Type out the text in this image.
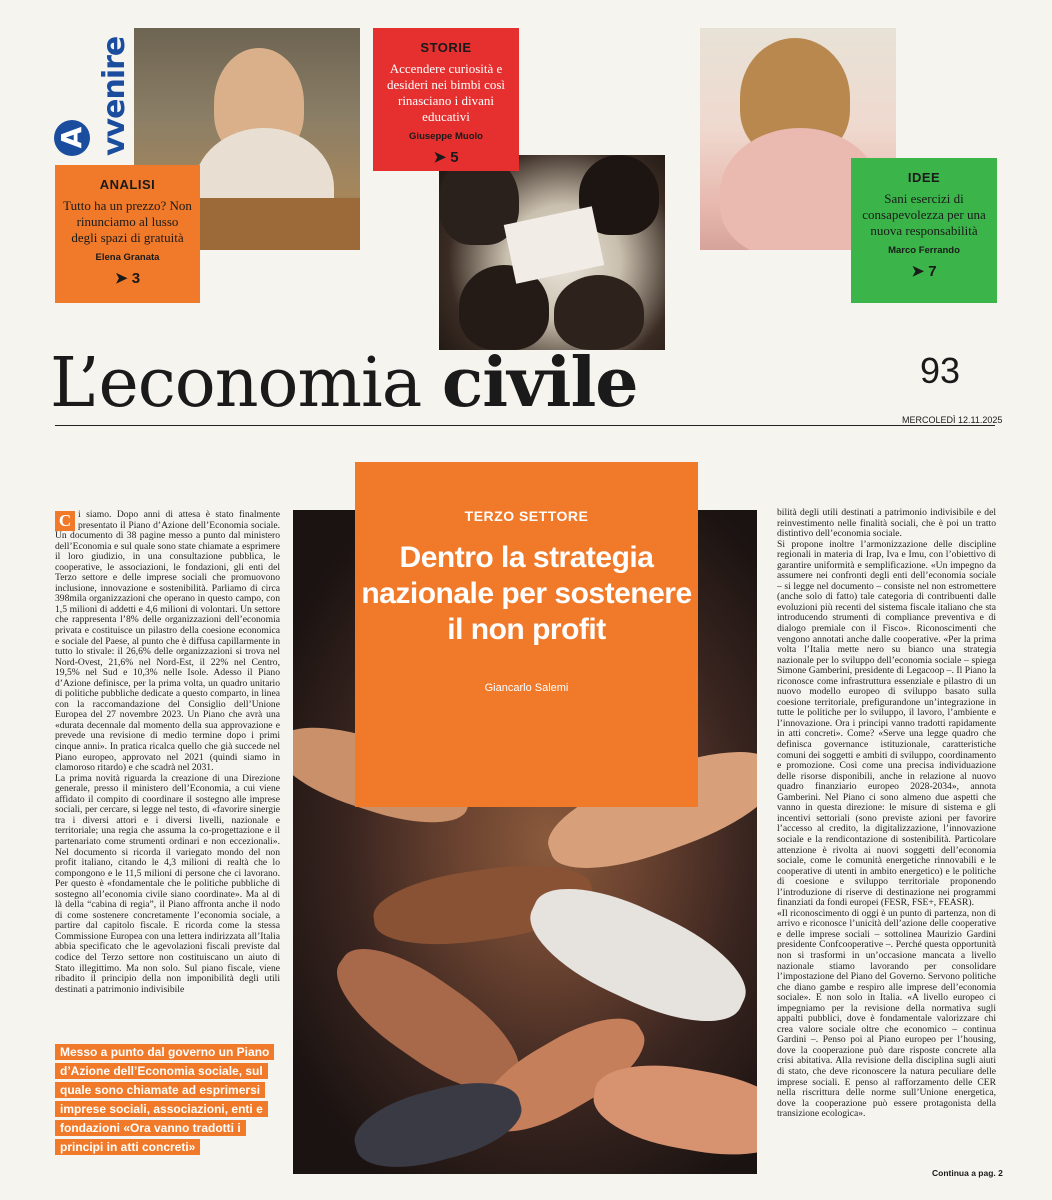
A vvenire
ANALISI
Tutto ha un prezzo? Non rinunciamo al lusso degli spazi di gratuità
Elena Granata
➤ 3
STORIE
Accendere curiosità e desideri nei bimbi così rinasciano i divani educativi
Giuseppe Muolo
➤ 5
IDEE
Sani esercizi di consapevolezza per una nuova responsabilità
Marco Ferrando
➤ 7
L’economia civile	93
MERCOLEDÌ 12.11.2025
TERZO SETTORE
Dentro la strategia nazionale per sostenere il non profit
Giancarlo Salemi
C i siamo. Dopo anni di attesa è stato finalmente presentato il Piano d’Azione dell’Economia sociale. Un documento di 38 pagine messo a punto dal ministero dell’Economia e sul quale sono state chiamate a esprimere il loro giudizio, in una consultazione pubblica, le cooperative, le associazioni, le fondazioni, gli enti del Terzo settore e delle imprese sociali che promuovono inclusione, innovazione e sostenibilità. Parliamo di circa 398mila organizzazioni che operano in questo campo, con 1,5 milioni di addetti e 4,6 milioni di volontari. Un settore che rappresenta l’8% delle organizzazioni dell’economia privata e costituisce un pilastro della coesione economica e sociale del Paese, al punto che è diffusa capillarmente in tutto lo stivale: il 26,6% delle organizzazioni si trova nel Nord-Ovest, 21,6% nel Nord-Est, il 22% nel Centro, 19,5% nel Sud e 10,3% nelle Isole. Adesso il Piano d’Azione definisce, per la prima volta, un quadro unitario di politiche pubbliche dedicate a questo comparto, in linea con la raccomandazione del Consiglio dell’Unione Europea del 27 novembre 2023. Un Piano che avrà una «durata decennale dal momento della sua approvazione e prevede una revisione di medio termine dopo i primi cinque anni». In pratica ricalca quello che già succede nel Piano europeo, approvato nel 2021 (quindi siamo in clamoroso ritardo) e che scadrà nel 2031.

La prima novità riguarda la creazione di una Direzione generale, presso il ministero dell’Economia, a cui viene affidato il compito di coordinare il sostegno alle imprese sociali, per cercare, si legge nel testo, di «favorire sinergie tra i diversi attori e i diversi livelli, nazionale e territoriale; una regia che assuma la co-progettazione e il partenariato come strumenti ordinari e non eccezionali». Nel documento si ricorda il variegato mondo del non profit italiano, citando le 4,3 milioni di realtà che lo compongono e le 11,5 milioni di persone che ci lavorano. Per questo è «fondamentale che le politiche pubbliche di sostegno all’economia civile siano coordinate». Ma al di là della “cabina di regia”, il Piano affronta anche il nodo di come sostenere concretamente l’economia sociale, a partire dal capitolo fiscale. E ricorda come la stessa Commissione Europea con una lettera indirizzata all’Italia abbia specificato che le agevolazioni fiscali previste dal codice del Terzo settore non costituiscano un aiuto di Stato illegittimo. Ma non solo. Sul piano fiscale, viene ribadito il principio della non imponibilità degli utili destinati a patrimonio indivisibile

Messo a punto dal governo un Piano d’Azione dell’Economia sociale, sul quale sono chiamate ad esprimersi imprese sociali, associazioni, enti e fondazioni «Ora vanno tradotti i principi in atti concreti»

bilità degli utili destinati a patrimonio indivisibile e del reinvestimento nelle finalità sociali, che è poi un tratto distintivo dell’economia sociale.

Si propone inoltre l’armonizzazione delle discipline regionali in materia di Irap, Iva e Imu, con l’obiettivo di garantire uniformità e semplificazione. «Un impegno da assumere nei confronti degli enti dell’economia sociale – si legge nel documento – consiste nel non estromettere (anche solo di fatto) tale categoria di contribuenti dalle evoluzioni più recenti del sistema fiscale italiano che sta introducendo strumenti di compliance preventiva e di dialogo premiale con il Fisco». Riconoscimenti che vengono annotati anche dalle cooperative. «Per la prima volta l’Italia mette nero su bianco una strategia nazionale per lo sviluppo dell’economia sociale – spiega Simone Gamberini, presidente di Legacoop –. Il Piano la riconosce come infrastruttura essenziale e pilastro di un nuovo modello europeo di sviluppo basato sulla coesione territoriale, prefigurandone un’integrazione in tutte le politiche per lo sviluppo, il lavoro, l’ambiente e l’innovazione. Ora i principi vanno tradotti rapidamente in atti concreti». Come? «Serve una legge quadro che definisca governance istituzionale, caratteristiche comuni dei soggetti e ambiti di sviluppo, coordinamento e promozione. Così come una precisa individuazione delle risorse disponibili, anche in relazione al nuovo quadro finanziario europeo 2028-2034», annota Gamberini. Nel Piano ci sono almeno due aspetti che vanno in questa direzione: le misure di sistema e gli incentivi settoriali (sono previste azioni per favorire l’accesso al credito, la digitalizzazione, l’innovazione sociale e la rendicontazione di sostenibilità. Particolare attenzione è rivolta ai nuovi soggetti dell’economia sociale, come le comunità energetiche rinnovabili e le cooperative di utenti in ambito energetico) e le politiche di coesione e sviluppo territoriale proponendo l’introduzione di riserve di destinazione nei programmi finanziati da fondi europei (FESR, FSE+, FEASR).

«Il riconoscimento di oggi è un punto di partenza, non di arrivo e riconosce l’unicità dell’azione delle cooperative e delle imprese sociali – sottolinea Maurizio Gardini presidente Confcooperative –. Perché questa opportunità non si trasformi in un’occasione mancata a livello nazionale stiamo lavorando per consolidare l’impostazione del Piano del Governo. Servono politiche che diano gambe e respiro alle imprese dell’economia sociale». E non solo in Italia. «A livello europeo ci impegniamo per la revisione della normativa sugli appalti pubblici, dove è fondamentale valorizzare chi crea valore sociale oltre che economico – continua Gardini –. Penso poi al Piano europeo per l’housing, dove la cooperazione può dare risposte concrete alla crisi abitativa. Alla revisione della disciplina sugli aiuti di stato, che deve riconoscere la natura peculiare delle imprese sociali. E penso al rafforzamento delle CER nella riscrittura delle norme sull’Unione energetica, dove la cooperazione può essere protagonista della transizione ecologica».

Continua a pag. 2
